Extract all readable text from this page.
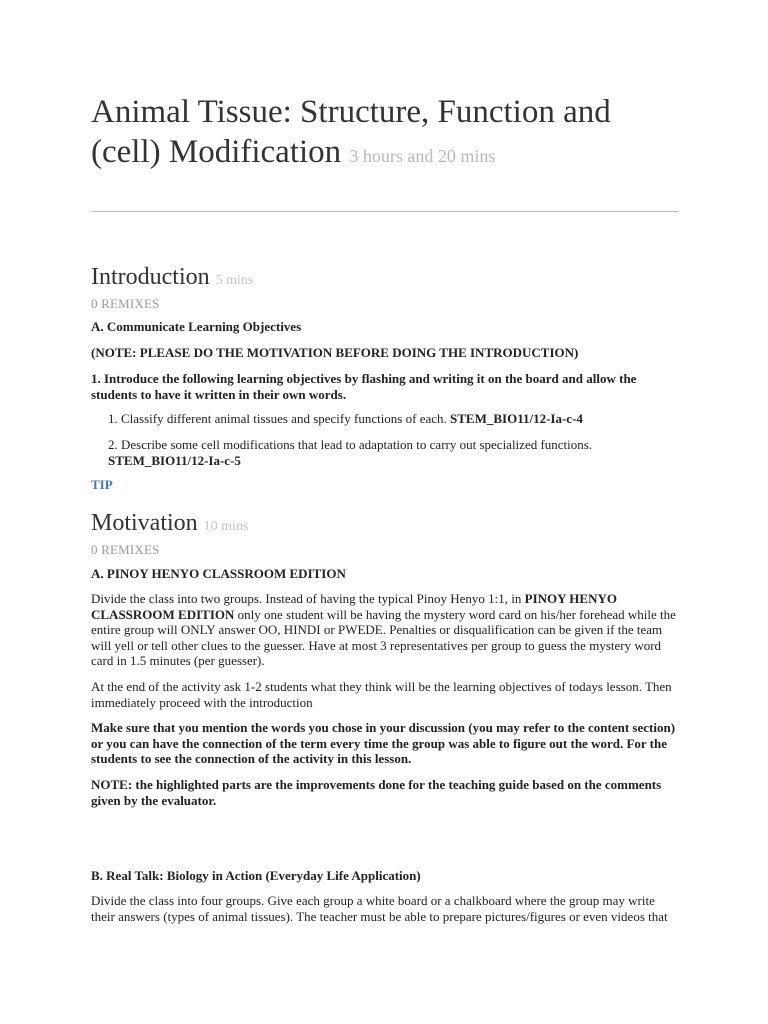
Animal Tissue: Structure, Function and (cell) Modification 3 hours and 20 mins
Introduction 5 mins
0 REMIXES

A. Communicate Learning Objectives

(NOTE: PLEASE DO THE MOTIVATION BEFORE DOING THE INTRODUCTION)

1. Introduce the following learning objectives by flashing and writing it on the board and allow the students to have it written in their own words.

1. Classify different animal tissues and specify functions of each. STEM_BIO11/12-Ia-c-4

2. Describe some cell modifications that lead to adaptation to carry out specialized functions.
STEM_BIO11/12-Ia-c-5

TIP
Motivation 10 mins
0 REMIXES

A. PINOY HENYO CLASSROOM EDITION

Divide the class into two groups. Instead of having the typical Pinoy Henyo 1:1, in PINOY HENYO CLASSROOM EDITION only one student will be having the mystery word card on his/her forehead while the entire group will ONLY answer OO, HINDI or PWEDE. Penalties or disqualification can be given if the team will yell or tell other clues to the guesser. Have at most 3 representatives per group to guess the mystery word card in 1.5 minutes (per guesser).

At the end of the activity ask 1-2 students what they think will be the learning objectives of todays lesson. Then immediately proceed with the introduction

Make sure that you mention the words you chose in your discussion (you may refer to the content section) or you can have the connection of the term every time the group was able to figure out the word. For the students to see the connection of the activity in this lesson.

NOTE: the highlighted parts are the improvements done for the teaching guide based on the comments given by the evaluator.

B. Real Talk: Biology in Action (Everyday Life Application)

Divide the class into four groups. Give each group a white board or a chalkboard where the group may write their answers (types of animal tissues). The teacher must be able to prepare pictures/figures or even videos that
